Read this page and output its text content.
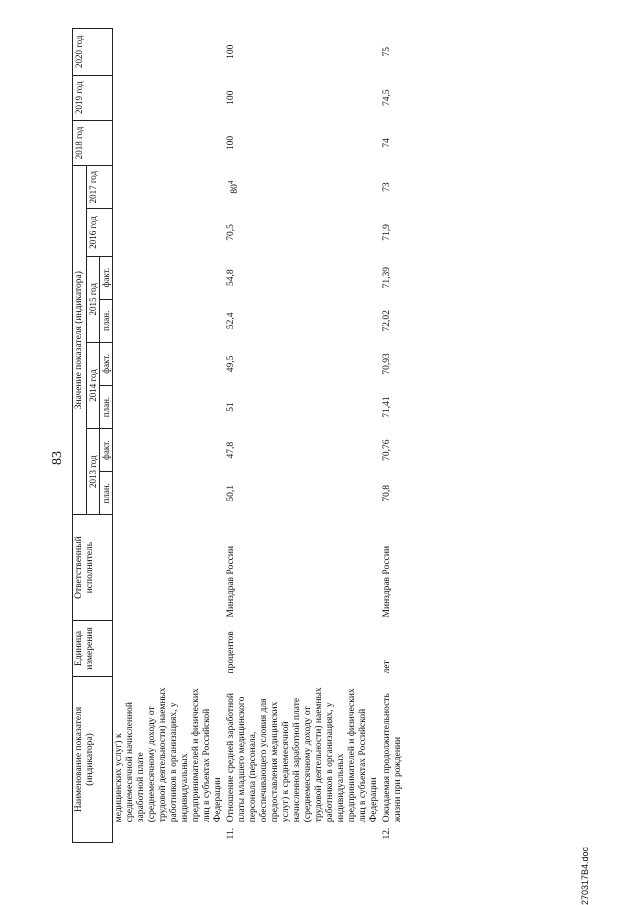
83
Наименование показателя (индикатора)		Единица измерения	Ответственный исполнитель	Значение показателя (индикатора)								2018 год	2019 год	2020 год
				2013 год		2014 год		2015 год		2016 год	2017 год			
				план.	факт.	план.	факт.	план.	факт.					
	медицинских услуг) к среднемесячной начисленной заработной плате (среднемесячному доходу от трудовой деятельности) наемных работников в организациях, у индивидуальных предпринимателей и физических лиц в субъектах Российской Федерации													
11.	Отношение средней заработной платы младшего медицинского персонала (персонала, обеспечивающего условия для предоставления медицинских услуг) к среднемесячной начисленной заработной плате (среднемесячному доходу от трудовой деятельности) наемных работников в организациях, у индивидуальных предпринимателей и физических лиц в субъектах Российской Федерации	процентов	Минздрав России	50,1	47,8	51	49,5	52,4	54,8	70,5	$80^4$	100	100	100
12.	Ожидаемая продолжительность жизни при рождении	лет	Минздрав России	70,8	70,76	71,41	70,93	72,02	71,39	71,9	73	74	74,5	75
270317B4.doc
